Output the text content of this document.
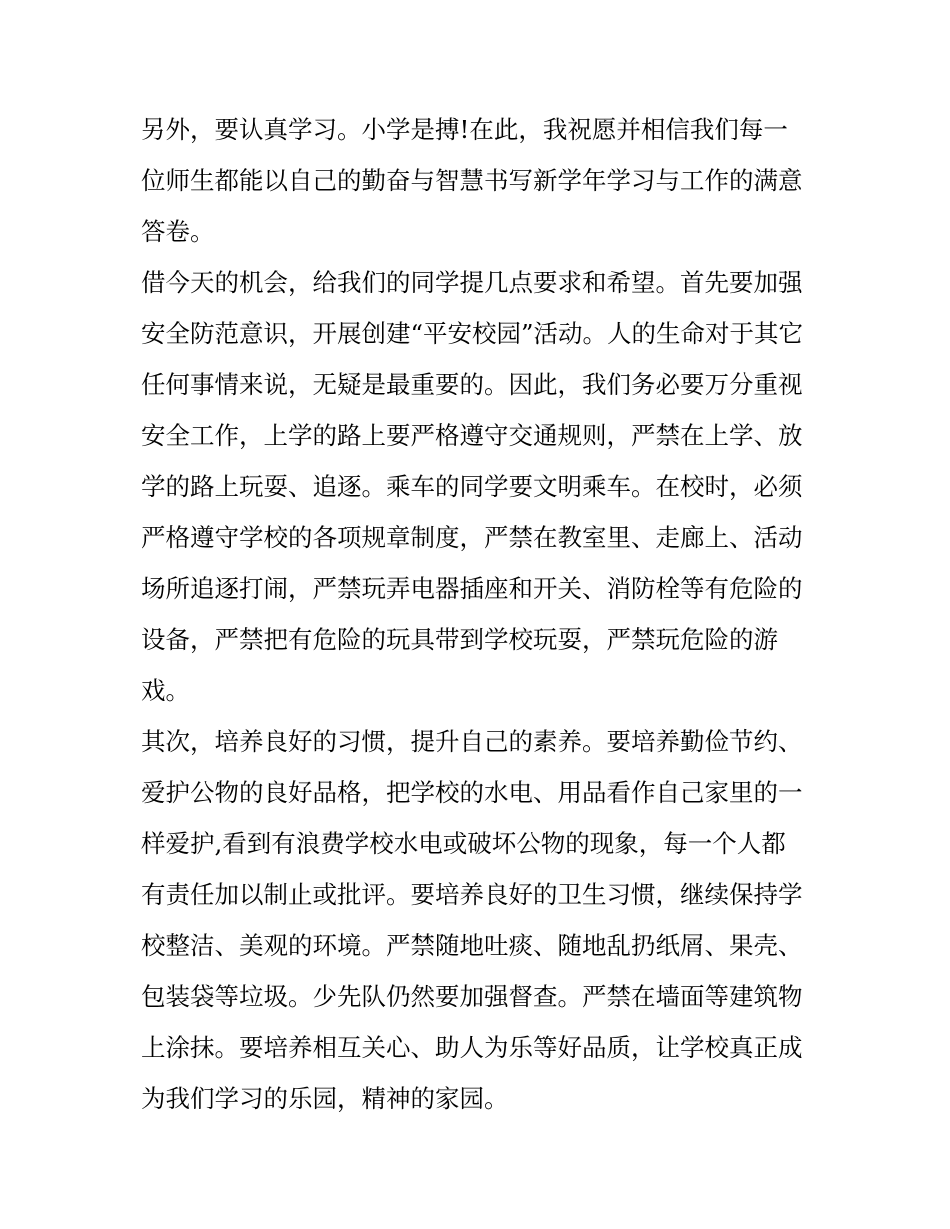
另外，要认真学习。小学是搏!在此，我祝愿并相信我们每一
位师生都能以自己的勤奋与智慧书写新学年学习与工作的满意
答卷。
借今天的机会，给我们的同学提几点要求和希望。首先要加强
安全防范意识，开展创建“平安校园”活动。人的生命对于其它
任何事情来说，无疑是最重要的。因此，我们务必要万分重视
安全工作，上学的路上要严格遵守交通规则，严禁在上学、放
学的路上玩耍、追逐。乘车的同学要文明乘车。在校时，必须
严格遵守学校的各项规章制度，严禁在教室里、走廊上、活动
场所追逐打闹，严禁玩弄电器插座和开关、消防栓等有危险的
设备，严禁把有危险的玩具带到学校玩耍，严禁玩危险的游
戏。
其次，培养良好的习惯，提升自己的素养。要培养勤俭节约、
爱护公物的良好品格，把学校的水电、用品看作自己家里的一
样爱护,看到有浪费学校水电或破坏公物的现象，每一个人都
有责任加以制止或批评。要培养良好的卫生习惯，继续保持学
校整洁、美观的环境。严禁随地吐痰、随地乱扔纸屑、果壳、
包装袋等垃圾。少先队仍然要加强督查。严禁在墙面等建筑物
上涂抹。要培养相互关心、助人为乐等好品质，让学校真正成
为我们学习的乐园，精神的家园。
